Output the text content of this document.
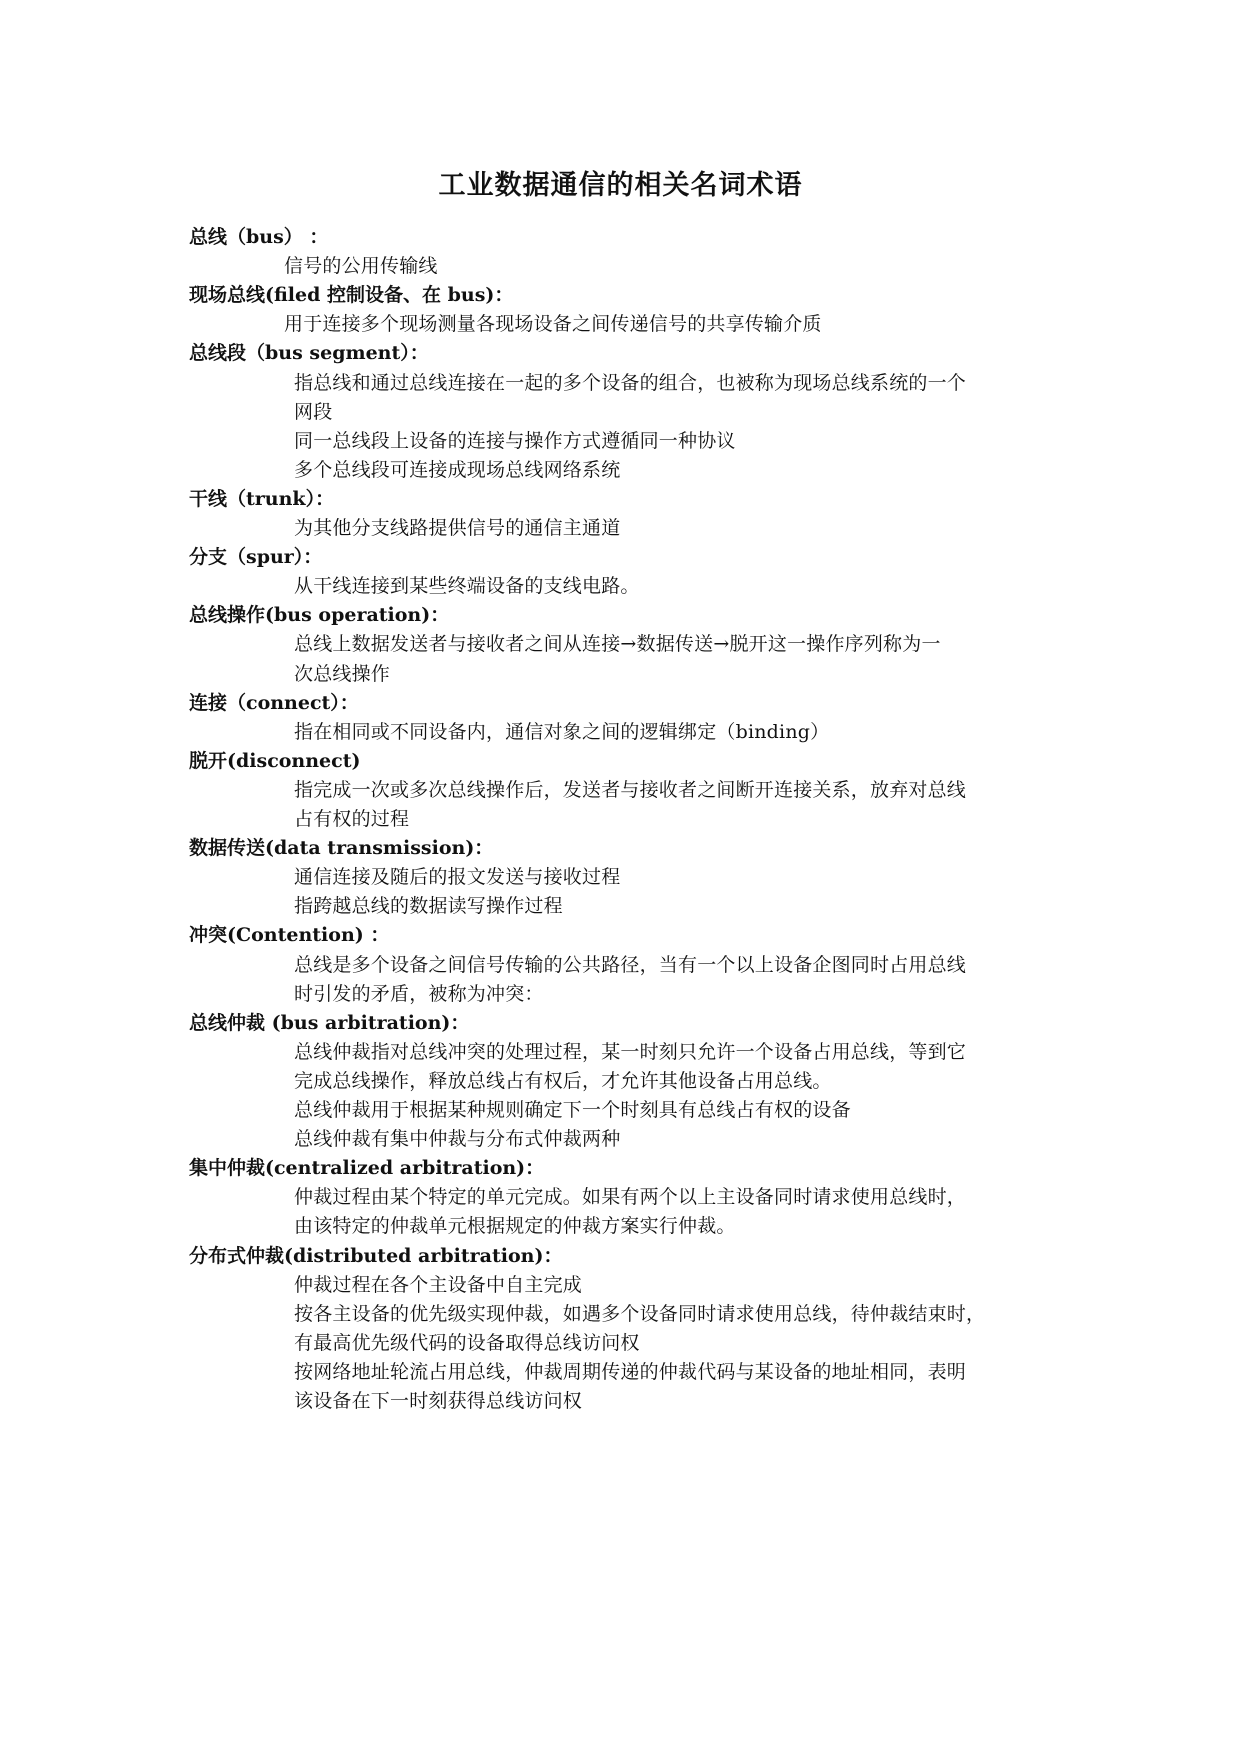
工业数据通信的相关名词术语
总线（bus） ：
信号的公用传输线
现场总线(filed 控制设备、在 bus)：
用于连接多个现场测量各现场设备之间传递信号的共享传输介质
总线段（bus segment）：
指总线和通过总线连接在一起的多个设备的组合，也被称为现场总线系统的一个
网段
同一总线段上设备的连接与操作方式遵循同一种协议
多个总线段可连接成现场总线网络系统
干线（trunk）：
为其他分支线路提供信号的通信主通道
分支（spur）：
从干线连接到某些终端设备的支线电路。
总线操作(bus operation)：
总线上数据发送者与接收者之间从连接→数据传送→脱开这一操作序列称为一
次总线操作
连接（connect）：
指在相同或不同设备内，通信对象之间的逻辑绑定（binding）
脱开(disconnect)
指完成一次或多次总线操作后，发送者与接收者之间断开连接关系，放弃对总线
占有权的过程
数据传送(data transmission)：
通信连接及随后的报文发送与接收过程
指跨越总线的数据读写操作过程
冲突(Contention) ：
总线是多个设备之间信号传输的公共路径，当有一个以上设备企图同时占用总线
时引发的矛盾，被称为冲突：
总线仲裁 (bus arbitration)：
总线仲裁指对总线冲突的处理过程，某一时刻只允许一个设备占用总线，等到它
完成总线操作，释放总线占有权后，才允许其他设备占用总线。
总线仲裁用于根据某种规则确定下一个时刻具有总线占有权的设备
总线仲裁有集中仲裁与分布式仲裁两种
集中仲裁(centralized arbitration)：
仲裁过程由某个特定的单元完成。如果有两个以上主设备同时请求使用总线时，
由该特定的仲裁单元根据规定的仲裁方案实行仲裁。
分布式仲裁(distributed arbitration)：
仲裁过程在各个主设备中自主完成
按各主设备的优先级实现仲裁，如遇多个设备同时请求使用总线，待仲裁结束时，
有最高优先级代码的设备取得总线访问权
按网络地址轮流占用总线，仲裁周期传递的仲裁代码与某设备的地址相同，表明
该设备在下一时刻获得总线访问权
